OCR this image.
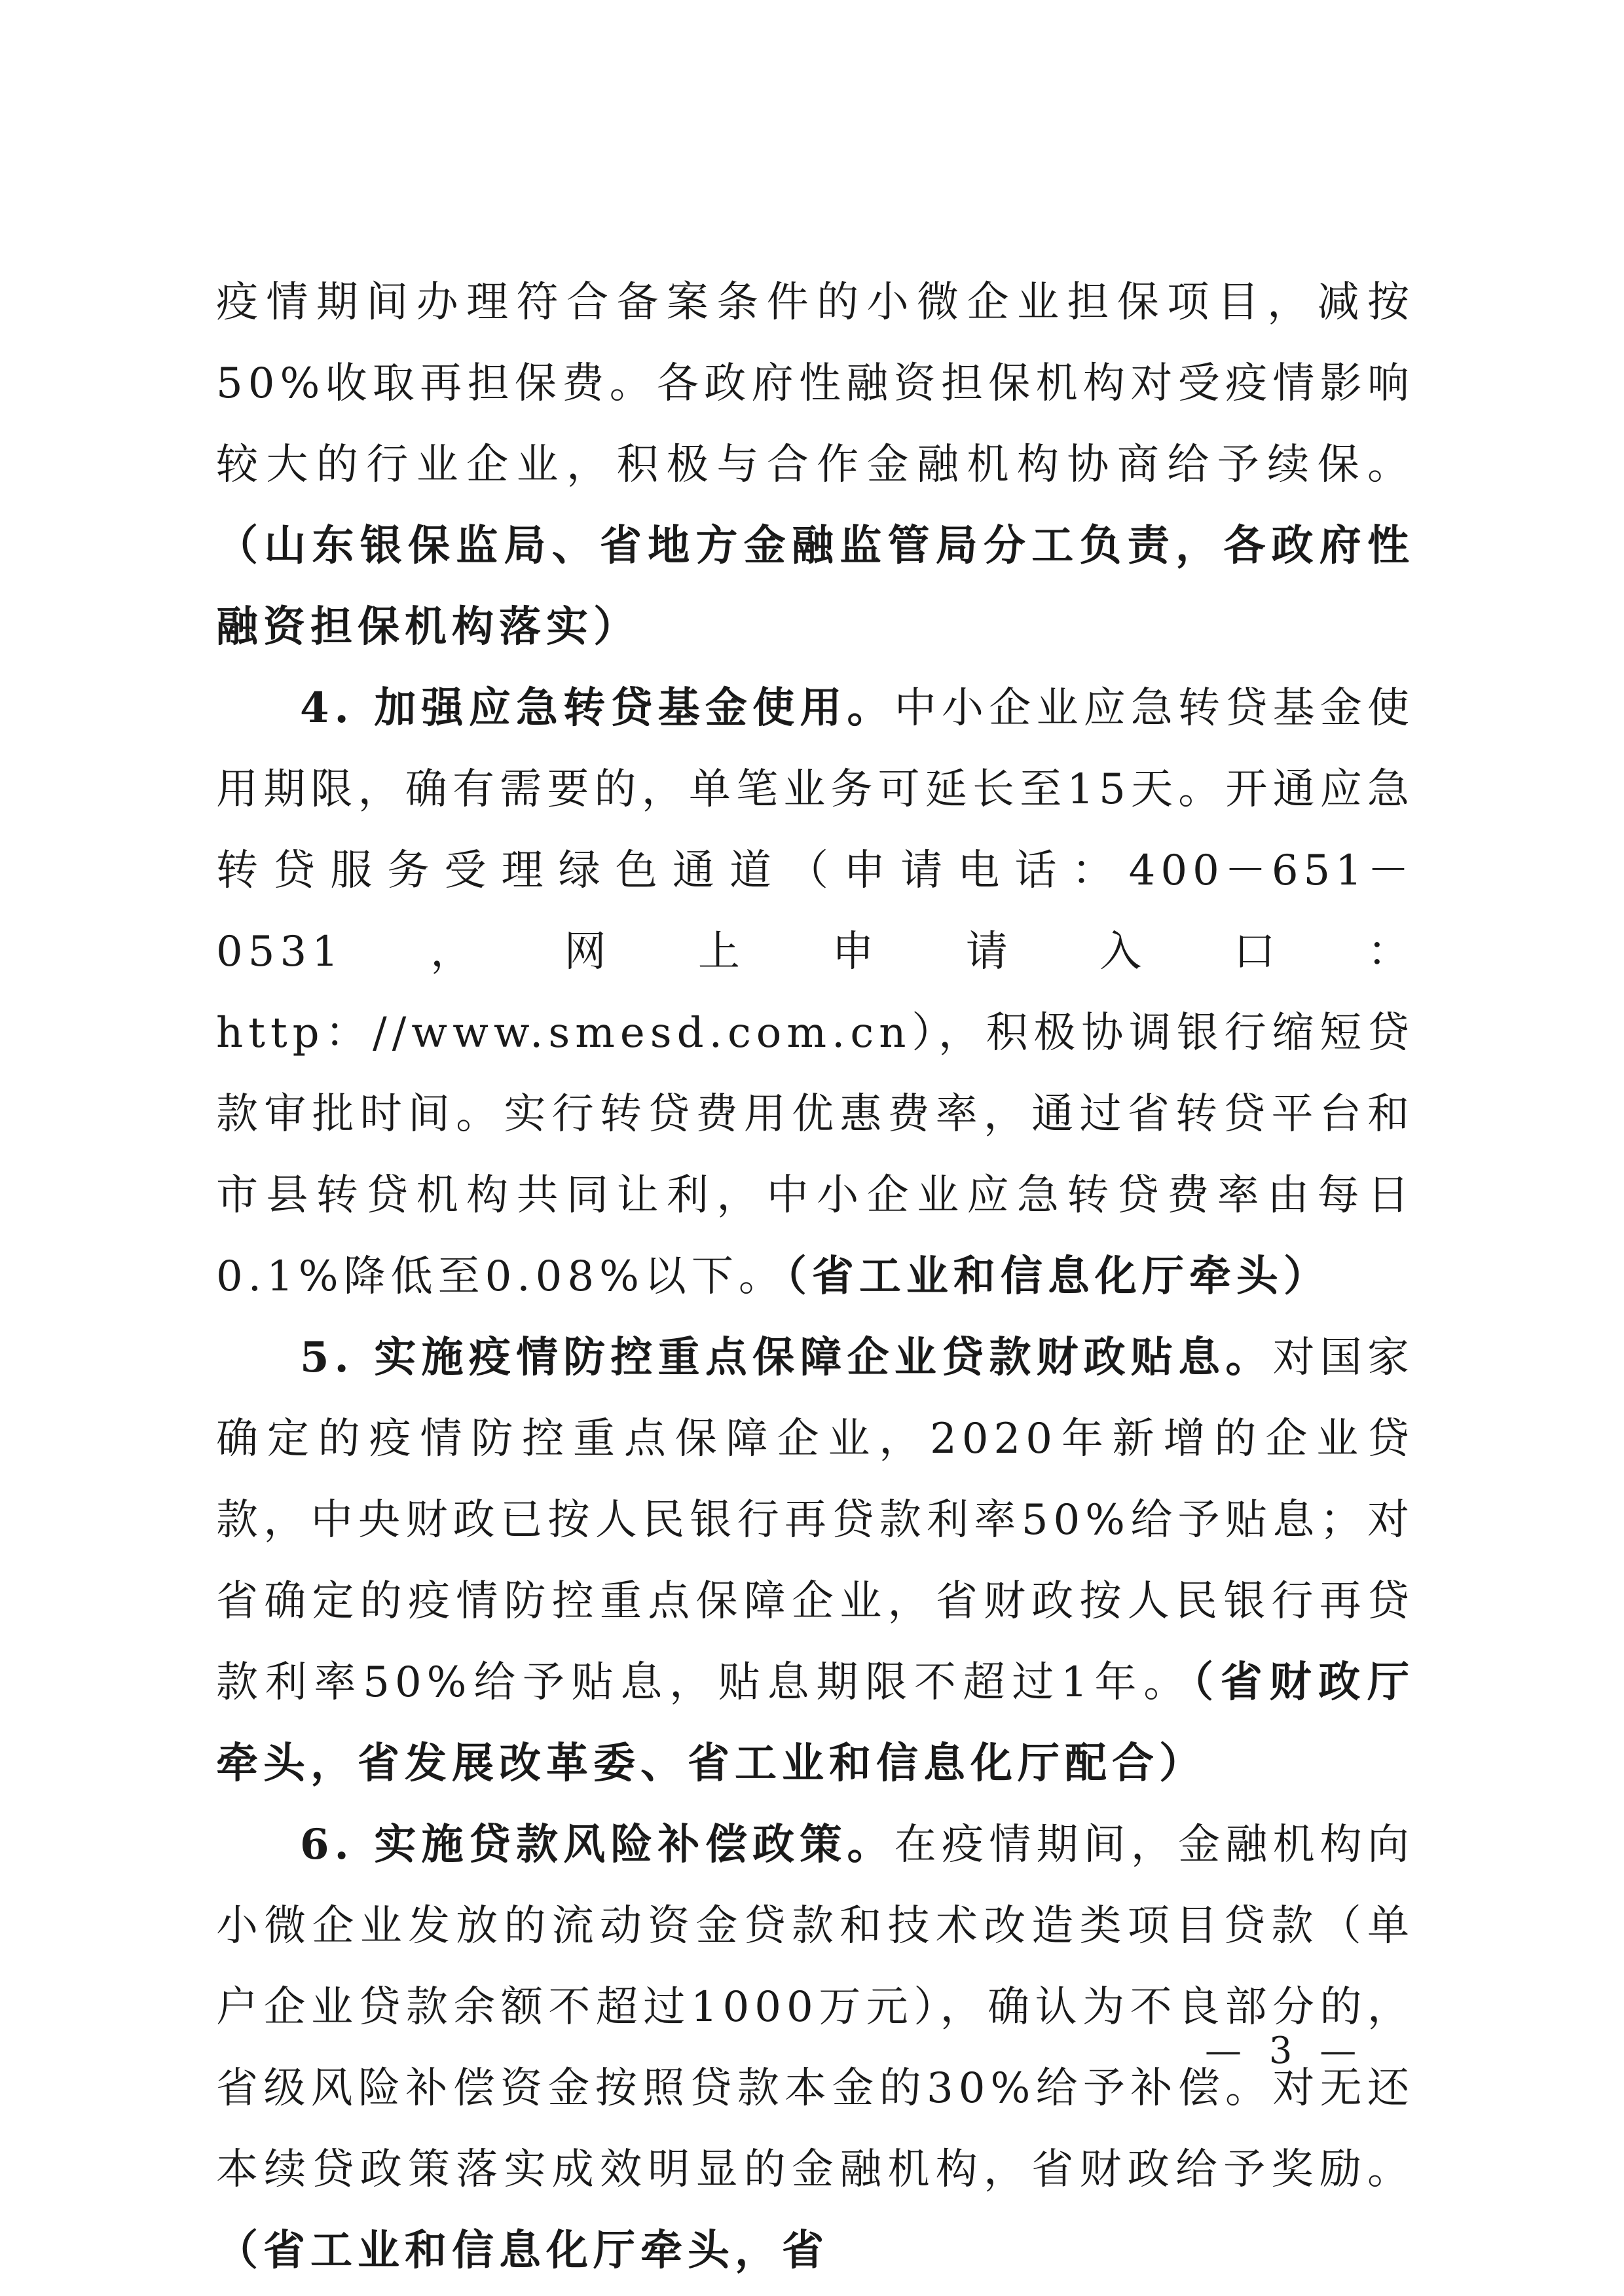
疫情期间办理符合备案条件的小微企业担保项目，减按50%收取再担保费。各政府性融资担保机构对受疫情影响较大的行业企业，积极与合作金融机构协商给予续保。（山东银保监局、省地方金融监管局分工负责，各政府性融资担保机构落实）

4. 加强应急转贷基金使用。中小企业应急转贷基金使用期限，确有需要的，单笔业务可延长至15天。开通应急转贷服务受理绿色通道（申请电话：400－651－0531，网上申请入口：http：//www.smesd.com.cn），积极协调银行缩短贷款审批时间。实行转贷费用优惠费率，通过省转贷平台和市县转贷机构共同让利，中小企业应急转贷费率由每日0.1%降低至0.08%以下。（省工业和信息化厅牵头）

5. 实施疫情防控重点保障企业贷款财政贴息。对国家确定的疫情防控重点保障企业，2020年新增的企业贷款，中央财政已按人民银行再贷款利率50%给予贴息；对省确定的疫情防控重点保障企业，省财政按人民银行再贷款利率50%给予贴息，贴息期限不超过1年。（省财政厅牵头，省发展改革委、省工业和信息化厅配合）

6. 实施贷款风险补偿政策。在疫情期间，金融机构向小微企业发放的流动资金贷款和技术改造类项目贷款（单户企业贷款余额不超过1000万元），确认为不良部分的，省级风险补偿资金按照贷款本金的30%给予补偿。对无还本续贷政策落实成效明显的金融机构，省财政给予奖励。（省工业和信息化厅牵头，省

— 3 —
